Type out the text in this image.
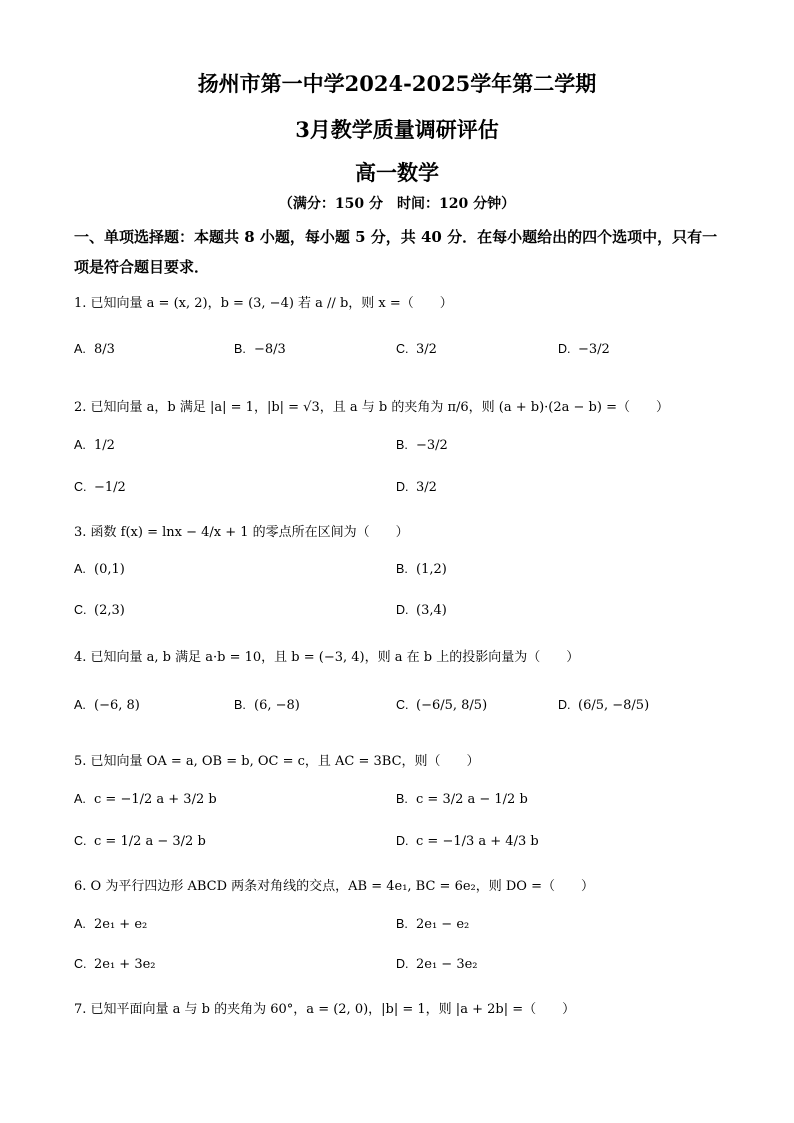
扬州市第一中学2024-2025学年第二学期
3月教学质量调研评估
高一数学
（满分：150 分　时间：120 分钟）
一、单项选择题：本题共 8 小题，每小题 5 分，共 40 分．在每小题给出的四个选项中，只有一项是符合题目要求．
1. 已知向量 a = (x, 2)，b = (3, −4) 若 a // b，则 x =（　　）
A. 8/3	B. −8/3	C. 3/2	D. −3/2
2. 已知向量 a，b 满足 |a| = 1，|b| = √3，且 a 与 b 的夹角为 π/6，则 (a + b)·(2a − b) =（　　）
A. 1/2	B. −3/2
C. −1/2	D. 3/2
3. 函数 f(x) = lnx − 4/x + 1 的零点所在区间为（　　）
A. (0,1)	B. (1,2)
C. (2,3)	D. (3,4)
4. 已知向量 a, b 满足 a·b = 10，且 b = (−3, 4)，则 a 在 b 上的投影向量为（　　）
A. (−6, 8)	B. (6, −8)	C. (−6/5, 8/5)	D. (6/5, −8/5)
5. 已知向量 OA = a, OB = b, OC = c，且 AC = 3BC，则（　　）
A. c = −1/2 a + 3/2 b	B. c = 3/2 a − 1/2 b
C. c = 1/2 a − 3/2 b	D. c = −1/3 a + 4/3 b
6. O 为平行四边形 ABCD 两条对角线的交点，AB = 4e₁, BC = 6e₂，则 DO =（　　）
A. 2e₁ + e₂	B. 2e₁ − e₂
C. 2e₁ + 3e₂	D. 2e₁ − 3e₂
7. 已知平面向量 a 与 b 的夹角为 60°，a = (2, 0)，|b| = 1，则 |a + 2b| =（　　）
